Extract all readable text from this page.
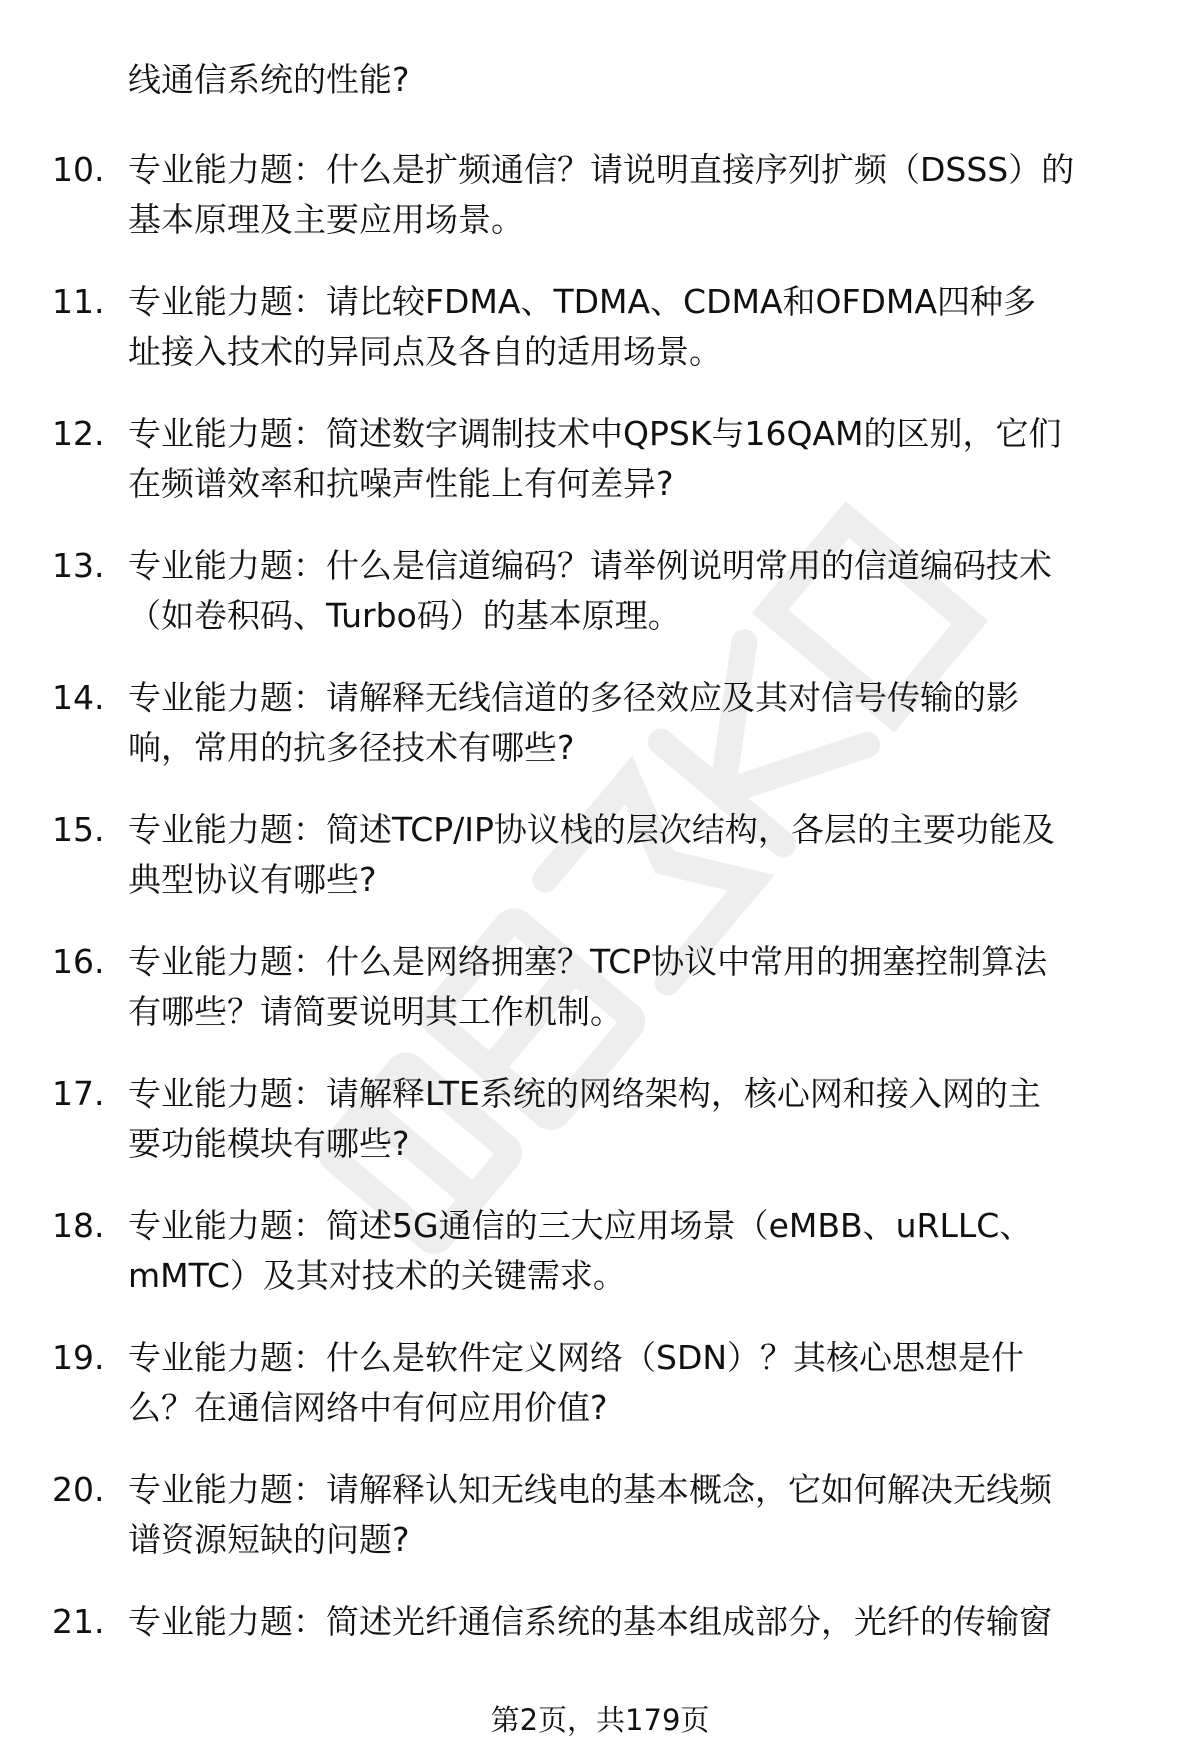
线通信系统的性能?
10. 专业能力题：什么是扩频通信？请说明直接序列扩频（DSSS）的
基本原理及主要应用场景。
11. 专业能力题：请比较FDMA、TDMA、CDMA和OFDMA四种多
址接入技术的异同点及各自的适用场景。
12. 专业能力题：简述数字调制技术中QPSK与16QAM的区别，它们
在频谱效率和抗噪声性能上有何差异?
13. 专业能力题：什么是信道编码？请举例说明常用的信道编码技术
（如卷积码、Turbo码）的基本原理。
14. 专业能力题：请解释无线信道的多径效应及其对信号传输的影
响，常用的抗多径技术有哪些?
15. 专业能力题：简述TCP/IP协议栈的层次结构，各层的主要功能及
典型协议有哪些?
16. 专业能力题：什么是网络拥塞？TCP协议中常用的拥塞控制算法
有哪些？请简要说明其工作机制。
17. 专业能力题：请解释LTE系统的网络架构，核心网和接入网的主
要功能模块有哪些?
18. 专业能力题：简述5G通信的三大应用场景（eMBB、uRLLC、
mMTC）及其对技术的关键需求。
19. 专业能力题：什么是软件定义网络（SDN）？其核心思想是什
么？在通信网络中有何应用价值?
20. 专业能力题：请解释认知无线电的基本概念，它如何解决无线频
谱资源短缺的问题?
21. 专业能力题：简述光纤通信系统的基本组成部分，光纤的传输窗
第2页，共179页
